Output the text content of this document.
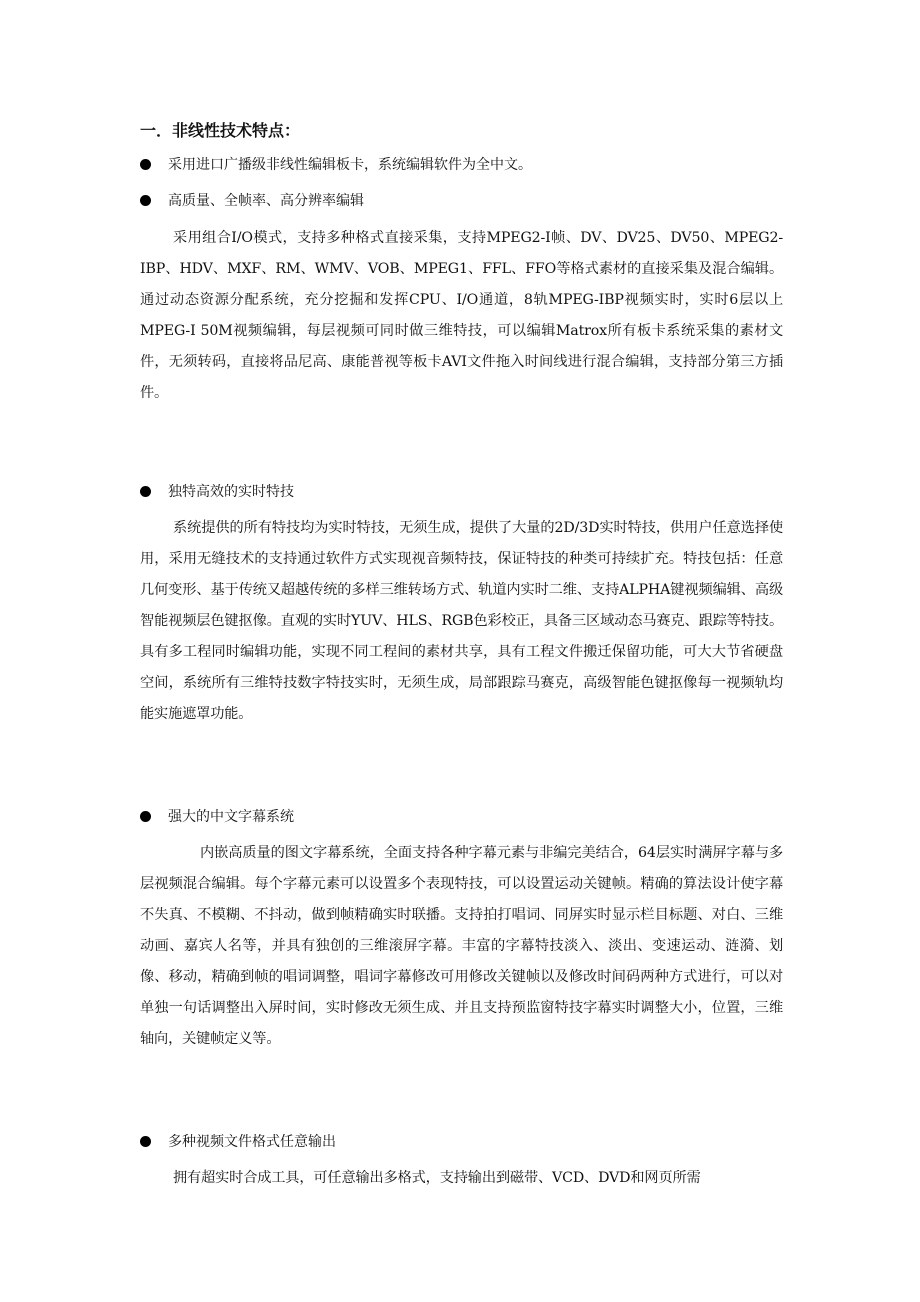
一．非线性技术特点：
采用进口广播级非线性编辑板卡，系统编辑软件为全中文。
高质量、全帧率、高分辨率编辑
采用组合I/O模式，支持多种格式直接采集，支持MPEG2-I帧、DV、DV25、DV50、MPEG2-IBP、HDV、MXF、RM、WMV、VOB、MPEG1、FFL、FFO等格式素材的直接采集及混合编辑。通过动态资源分配系统，充分挖掘和发挥CPU、I/O通道，8轨MPEG-IBP视频实时，实时6层以上MPEG-I 50M视频编辑，每层视频可同时做三维特技，可以编辑Matrox所有板卡系统采集的素材文件，无须转码，直接将品尼高、康能普视等板卡AVI文件拖入时间线进行混合编辑，支持部分第三方插件。
独特高效的实时特技
系统提供的所有特技均为实时特技，无须生成，提供了大量的2D/3D实时特技，供用户任意选择使用，采用无缝技术的支持通过软件方式实现视音频特技，保证特技的种类可持续扩充。特技包括：任意几何变形、基于传统又超越传统的多样三维转场方式、轨道内实时二维、支持ALPHA键视频编辑、高级智能视频层色键抠像。直观的实时YUV、HLS、RGB色彩校正，具备三区域动态马赛克、跟踪等特技。具有多工程同时编辑功能，实现不同工程间的素材共享，具有工程文件搬迁保留功能，可大大节省硬盘空间，系统所有三维特技数字特技实时，无须生成，局部跟踪马赛克，高级智能色键抠像每一视频轨均能实施遮罩功能。
强大的中文字幕系统
内嵌高质量的图文字幕系统，全面支持各种字幕元素与非编完美结合，64层实时满屏字幕与多层视频混合编辑。每个字幕元素可以设置多个表现特技，可以设置运动关键帧。精确的算法设计使字幕不失真、不模糊、不抖动，做到帧精确实时联播。支持拍打唱词、同屏实时显示栏目标题、对白、三维动画、嘉宾人名等，并具有独创的三维滚屏字幕。丰富的字幕特技淡入、淡出、变速运动、涟漪、划像、移动，精确到帧的唱词调整，唱词字幕修改可用修改关键帧以及修改时间码两种方式进行，可以对单独一句话调整出入屏时间，实时修改无须生成、并且支持预监窗特技字幕实时调整大小，位置，三维轴向，关键帧定义等。
多种视频文件格式任意输出
拥有超实时合成工具，可任意输出多格式，支持输出到磁带、VCD、DVD和网页所需
